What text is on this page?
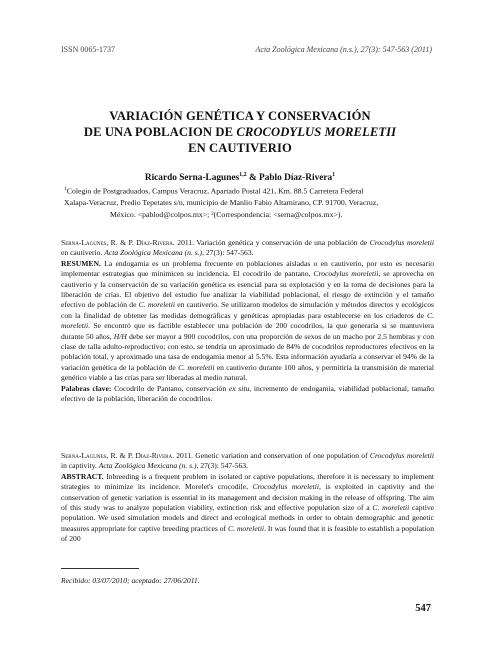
ISSN 0065-1737	Acta Zoológica Mexicana (n.s.), 27(3): 547-563 (2011)
VARIACIÓN GENÉTICA Y CONSERVACIÓN
DE UNA POBLACION DE CROCODYLUS MORELETII
EN CAUTIVERIO
Ricardo Serna-Lagunes$^{1,2}$ & Pablo Díaz-Rivera$^1$
$^1$Colegio de Postgraduados, Campus Veracruz, Apartado Postal 421, Km. 88.5 Carretera Federal
Xalapa-Veracruz, Predio Tepetates s/n, municipio de Manlio Fabio Altamirano, CP. 91700. Veracruz,
México. <pablod@colpos.mx>; ²(Correspondencia: <serna@colpos.mx>).
Serna-Lagunes, R. & P. Díaz-Rivera. 2011. Variación genética y conservación de una población de Crocodylus moreletii en cautiverio. Acta Zoológica Mexicana (n. s.), 27(3): 547-563.
RESUMEN. La endogamia es un problema frecuente en poblaciones aisladas o en cautiverio, por esto es necesario implementar estrategias que minimicen su incidencia. El cocodrilo de pantano, Crocodylus moreletii, se aprovecha en cautiverio y la conservación de su variación genética es esencial para su explotación y en la toma de decisiones para la liberación de crías. El objetivo del estudio fue analizar la viabilidad poblacional, el riesgo de extinción y el tamaño efectivo de población de C. moreletii en cautiverio. Se utilizaron modelos de simulación y métodos directos y ecológicos con la finalidad de obtener las medidas demográficas y genéticas apropiadas para establecerse en los criaderos de C. moreletii. Se encontró que es factible establecer una población de 200 cocodrilos, la que generaría si se mantuviera durante 50 años, H/H debe ser mayor a 900 cocodrilos, con una proporción de sexos de un macho por 2.5 hembras y con clase de talla adulto-reproductivo; con esto, se tendría un aproximado de 84% de cocodrilos reproductores efectivos en la población total, y aproximado una tasa de endogamia menor al 5.5%. Esta información ayudaría a conservar el 94% de la variación genética de la población de C. moreletii en cautiverio durante 100 años, y permitiría la transmisión de material genético viable a las crías para ser liberadas al medio natural.
Palabras clave: Cocodrilo de Pantano, conservación ex situ, incremento de endogamia, viabilidad poblacional, tamaño efectivo de la población, liberación de cocodrilos.
Serna-Lagunes, R. & P. Díaz-Rivera. 2011. Genetic variation and conservation of one population of Crocodylus moreletii in captivity. Acta Zoológica Mexicana (n. s.), 27(3): 547-563.
ABSTRACT. Inbreeding is a frequent problem in isolated or captive populations, therefore it is necessary to implement strategies to minimize its incidence. Morelet's crocodile, Crocodylus moreletii, is exploited in captivity and the conservation of genetic variation is essential in its management and decision making in the release of offspring. The aim of this study was to analyze population viability, extinction risk and effective population size of a C. moreletii captive population. We used simulation models and direct and ecological methods in order to obtain demographic and genetic measures appropriate for captive breeding practices of C. moreletii. It was found that it is feasible to establish a population of 200
Recibido: 03/07/2010; aceptado: 27/06/2011.
547
